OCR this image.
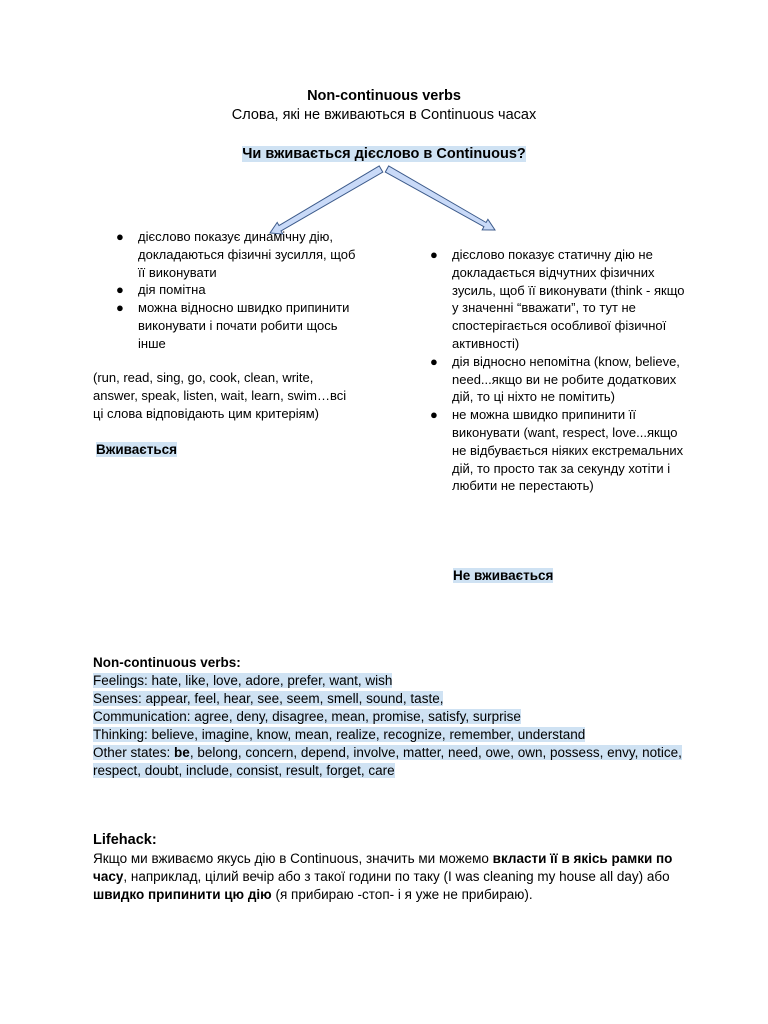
Non-continuous verbs
Слова, які не вживаються в Continuous часах
Чи вживається дієслово в Continuous?
● дієслово показує динамічну дію, докладаються фізичні зусилля, щоб її виконувати
● дія помітна
● можна відносно швидко припинити виконувати і почати робити щось інше
(run, read, sing, go, cook, clean, write, answer, speak, listen, wait, learn, swim…всі ці слова відповідають цим критеріям)
Вживається
● дієслово показує статичну дію не докладається відчутних фізичних зусиль, щоб її виконувати (think - якщо у значенні “вважати”, то тут не спостерігається особливої фізичної активності)
● дія відносно непомітна (know, believe, need...якщо ви не робите додаткових дій, то ці ніхто не помітить)
● не можна швидко припинити її виконувати (want, respect, love...якщо не відбувається ніяких екстремальних дій, то просто так за секунду хотіти і любити не перестають)
Не вживається
Non-continuous verbs:
Feelings: hate, like, love, adore, prefer, want, wish
Senses: appear, feel, hear, see, seem, smell, sound, taste,
Communication: agree, deny, disagree, mean, promise, satisfy, surprise
Thinking: believe, imagine, know, mean, realize, recognize, remember, understand
Other states: be, belong, concern, depend, involve, matter, need, owe, own, possess, envy, notice, respect, doubt, include, consist, result, forget, care
Lifehack:
Якщо ми вживаємо якусь дію в Continuous, значить ми можемо вкласти її в якісь рамки по часу, наприклад, цілий вечір або з такої години по таку (I was cleaning my house all day) або швидко припинити цю дію (я прибираю -стоп- і я уже не прибираю).
